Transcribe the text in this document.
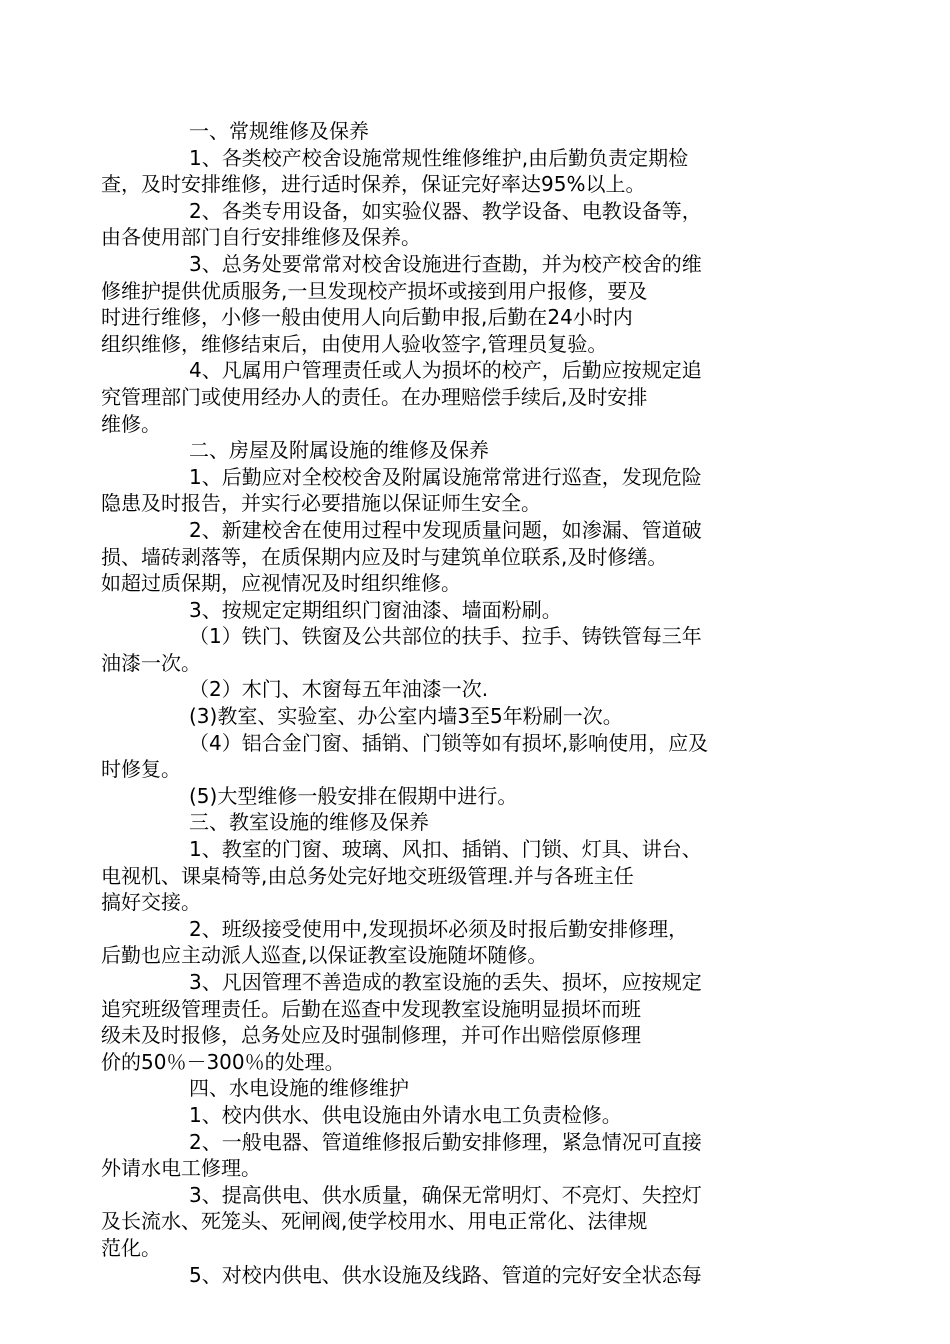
一、常规维修及保养
1、各类校产校舍设施常规性维修维护,由后勤负责定期检
查，及时安排维修，进行适时保养，保证完好率达95%以上。
2、各类专用设备，如实验仪器、教学设备、电教设备等，
由各使用部门自行安排维修及保养。
3、总务处要常常对校舍设施进行查勘，并为校产校舍的维
修维护提供优质服务,一旦发现校产损坏或接到用户报修，要及
时进行维修，小修一般由使用人向后勤申报,后勤在24小时内
组织维修，维修结束后，由使用人验收签字,管理员复验。
4、凡属用户管理责任或人为损坏的校产，后勤应按规定追
究管理部门或使用经办人的责任。在办理赔偿手续后,及时安排
维修。
二、房屋及附属设施的维修及保养
1、后勤应对全校校舍及附属设施常常进行巡查，发现危险
隐患及时报告，并实行必要措施以保证师生安全。
2、新建校舍在使用过程中发现质量问题，如渗漏、管道破
损、墙砖剥落等，在质保期内应及时与建筑单位联系,及时修缮。
如超过质保期，应视情况及时组织维修。
3、按规定定期组织门窗油漆、墙面粉刷。
（1）铁门、铁窗及公共部位的扶手、拉手、铸铁管每三年
油漆一次。
（2）木门、木窗每五年油漆一次.
(3)教室、实验室、办公室内墙3至5年粉刷一次。
（4）铝合金门窗、插销、门锁等如有损坏,影响使用，应及
时修复。
(5)大型维修一般安排在假期中进行。
三、教室设施的维修及保养
1、教室的门窗、玻璃、风扣、插销、门锁、灯具、讲台、
电视机、课桌椅等,由总务处完好地交班级管理.并与各班主任
搞好交接。
2、班级接受使用中,发现损坏必须及时报后勤安排修理，
后勤也应主动派人巡查,以保证教室设施随坏随修。
3、凡因管理不善造成的教室设施的丢失、损坏，应按规定
追究班级管理责任。后勤在巡查中发现教室设施明显损坏而班
级未及时报修，总务处应及时强制修理，并可作出赔偿原修理
价的50％－300％的处理。
四、水电设施的维修维护
1、校内供水、供电设施由外请水电工负责检修。
2、一般电器、管道维修报后勤安排修理，紧急情况可直接
外请水电工修理。
3、提高供电、供水质量，确保无常明灯、不亮灯、失控灯
及长流水、死笼头、死闸阀,使学校用水、用电正常化、法律规
范化。
5、对校内供电、供水设施及线路、管道的完好安全状态每
